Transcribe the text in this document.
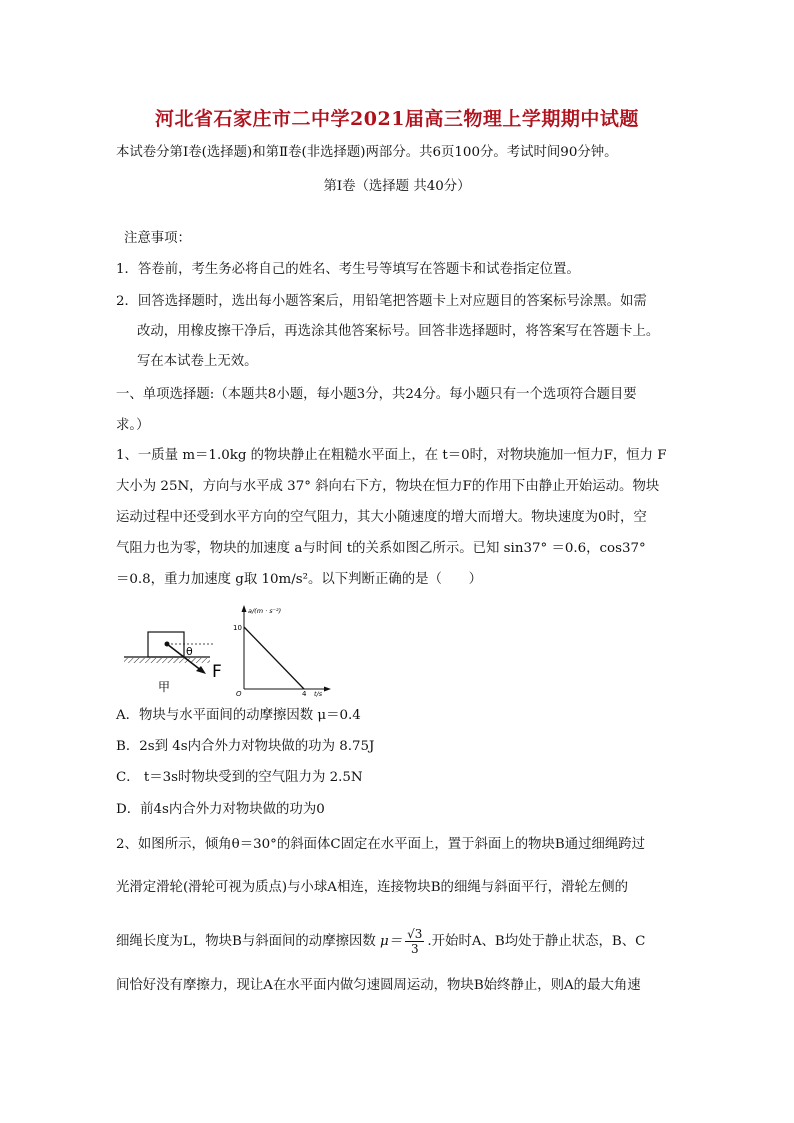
河北省石家庄市二中学2021届高三物理上学期期中试题
本试卷分第Ⅰ卷(选择题)和第Ⅱ卷(非选择题)两部分。共6页100分。考试时间90分钟。
第Ⅰ卷（选择题 共40分）
注意事项：
1．答卷前，考生务必将自己的姓名、考生号等填写在答题卡和试卷指定位置。
2．回答选择题时，选出每小题答案后，用铅笔把答题卡上对应题目的答案标号涂黑。如需
改动，用橡皮擦干净后，再选涂其他答案标号。回答非选择题时，将答案写在答题卡上。
写在本试卷上无效。
一、单项选择题:（本题共8小题，每小题3分，共24分。每小题只有一个选项符合题目要
求。）
1、一质量 m＝1.0kg 的物块静止在粗糙水平面上，在 t＝0时，对物块施加一恒力F，恒力 F
大小为 25N，方向与水平成 37° 斜向右下方，物块在恒力F的作用下由静止开始运动。物块
运动过程中还受到水平方向的空气阻力，其大小随速度的增大而增大。物块速度为0时，空
气阻力也为零，物块的加速度 a与时间 t的关系如图乙所示。已知 sin37° ＝0.6，cos37°
＝0.8，重力加速度 g取 10m/s²。以下判断正确的是（　　）
θ
F
甲
a/(m · s⁻²)
t/s
O
10
4
A．物块与水平面间的动摩擦因数 μ＝0.4
B．2s到 4s内合外力对物块做的功为 8.75J
C． t＝3s时物块受到的空气阻力为 2.5N
D．前4s内合外力对物块做的功为0
2、如图所示，倾角θ＝30°的斜面体C固定在水平面上，置于斜面上的物块B通过细绳跨过
光滑定滑轮(滑轮可视为质点)与小球A相连，连接物块B的细绳与斜面平行，滑轮左侧的
细绳长度为L，物块B与斜面间的动摩擦因数 $\mu= \frac{√3}{3}$ .开始时A、B均处于静止状态，B、C
间恰好没有摩擦力，现让A在水平面内做匀速圆周运动，物块B始终静止，则A的最大角速
